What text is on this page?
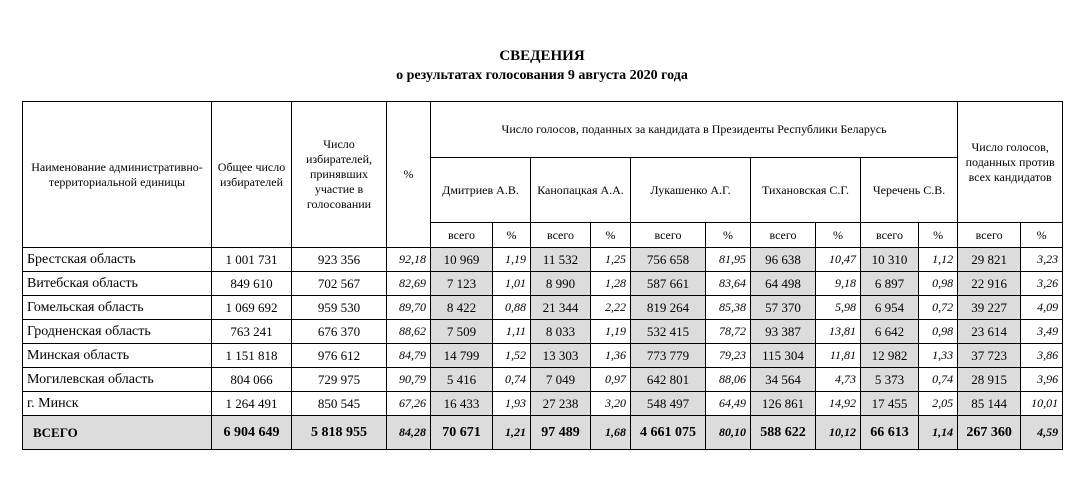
СВЕДЕНИЯ
о результатах голосования 9 августа 2020 года
Наименование административно-территориальной единицы	Общее число избирателей	Число избирателей, принявших участие в голосовании	%	Число голосов, поданных за кандидата в Президенты Республики Беларусь										Число голосов, поданных против всех кандидатов	
				Дмитриев А.В.		Канопацкая А.А.		Лукашенко А.Г.		Тихановская С.Г.		Черечень С.В.			
				всего	%	всего	%	всего	%	всего	%	всего	%	всего	%
Брестская область	1 001 731	923 356	92,18	10 969	1,19	11 532	1,25	756 658	81,95	96 638	10,47	10 310	1,12	29 821	3,23
Витебская область	849 610	702 567	82,69	7 123	1,01	8 990	1,28	587 661	83,64	64 498	9,18	6 897	0,98	22 916	3,26
Гомельская область	1 069 692	959 530	89,70	8 422	0,88	21 344	2,22	819 264	85,38	57 370	5,98	6 954	0,72	39 227	4,09
Гродненская область	763 241	676 370	88,62	7 509	1,11	8 033	1,19	532 415	78,72	93 387	13,81	6 642	0,98	23 614	3,49
Минская область	1 151 818	976 612	84,79	14 799	1,52	13 303	1,36	773 779	79,23	115 304	11,81	12 982	1,33	37 723	3,86
Могилевская область	804 066	729 975	90,79	5 416	0,74	7 049	0,97	642 801	88,06	34 564	4,73	5 373	0,74	28 915	3,96
г. Минск	1 264 491	850 545	67,26	16 433	1,93	27 238	3,20	548 497	64,49	126 861	14,92	17 455	2,05	85 144	10,01
ВСЕГО	6 904 649	5 818 955	84,28	70 671	1,21	97 489	1,68	4 661 075	80,10	588 622	10,12	66 613	1,14	267 360	4,59
